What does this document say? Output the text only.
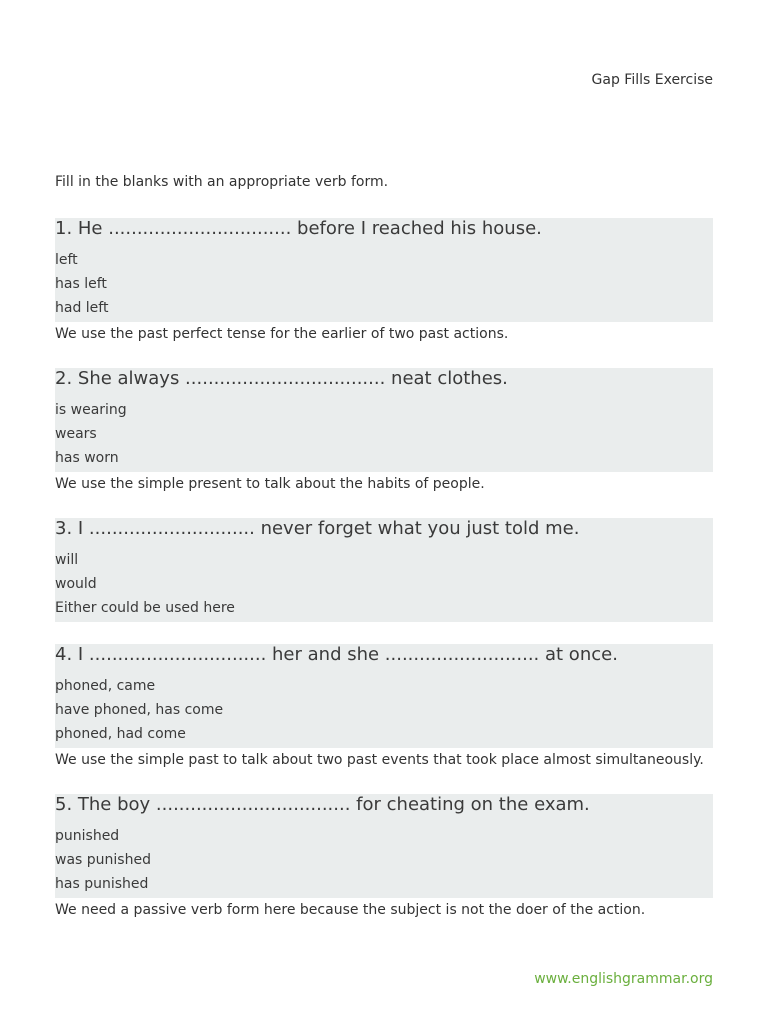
Gap Fills Exercise
Fill in the blanks with an appropriate verb form.
1. He ................................ before I reached his house.
left
has left
had left
We use the past perfect tense for the earlier of two past actions.
2. She always ................................... neat clothes.
is wearing
wears
has worn
We use the simple present to talk about the habits of people.
3. I ............................. never forget what you just told me.
will
would
Either could be used here
4. I ............................... her and she ........................... at once.
phoned, came
have phoned, has come
phoned, had come
We use the simple past to talk about two past events that took place almost simultaneously.
5. The boy .................................. for cheating on the exam.
punished
was punished
has punished
We need a passive verb form here because the subject is not the doer of the action.
www.englishgrammar.org
